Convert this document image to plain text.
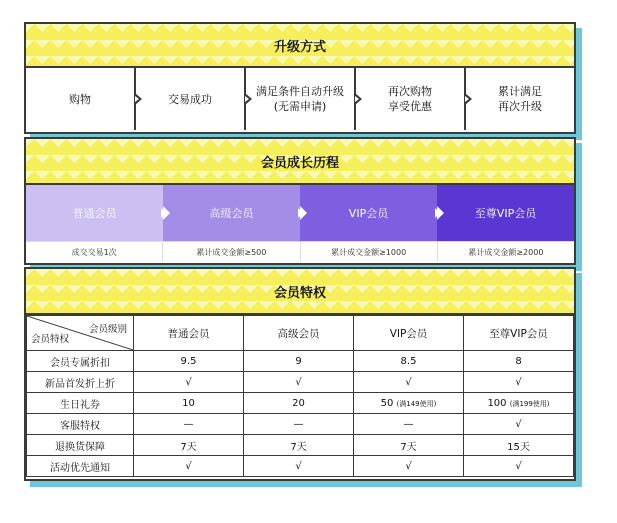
升级方式
购物	交易成功
满足条件自动升级
(无需申请)
再次购物
享受优惠
累计满足
再次升级
会员成长历程
普通会员	高级会员	VIP会员	至尊VIP会员
成交交易1次	累计成交金额≥500	累计成交金额≥1000	累计成交金额≥2000
会员特权
会员级别
会员特权	普通会员	高级会员	VIP会员	至尊VIP会员
会员专属折扣	9.5	9	8.5	8
新品首发折上折	√	√	√	√
生日礼券	10	20	50 (满149使用)	100 (满199使用)
客服特权	—	—	—	√
退换货保障	7天	7天	7天	15天
活动优先通知	√	√	√	√
